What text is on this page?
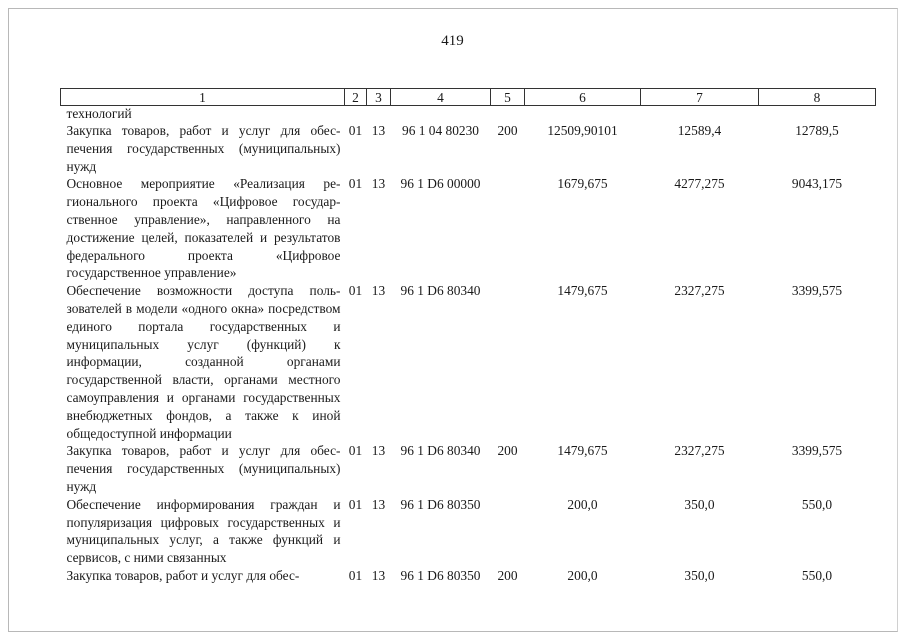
419
1	2	3	4	5	6	7	8
технологий							
Закупка товаров, работ и услуг для обеспечения государственных (муниципальных) нужд	01	13	96 1 04 80230	200	12509,90101	12589,4	12789,5
Основное мероприятие «Реализация регионального проекта «Цифровое государственное управление», направленного на достижение целей, показателей и результатов федерального проекта «Цифровое государственное управление»	01	13	96 1 D6 00000		1679,675	4277,275	9043,175
Обеспечение возможности доступа пользователей в модели «одного окна» посредством единого портала государственных и муниципальных услуг (функций) к информации, созданной органами государственной власти, органами местного самоуправления и органами государственных внебюджетных фондов, а также к иной общедоступной информации	01	13	96 1 D6 80340		1479,675	2327,275	3399,575
Закупка товаров, работ и услуг для обеспечения государственных (муниципальных) нужд	01	13	96 1 D6 80340	200	1479,675	2327,275	3399,575
Обеспечение информирования граждан и популяризация цифровых государственных и муниципальных услуг, а также функций и сервисов, с ними связанных	01	13	96 1 D6 80350		200,0	350,0	550,0
Закупка товаров, работ и услуг для обес-	01	13	96 1 D6 80350	200	200,0	350,0	550,0
